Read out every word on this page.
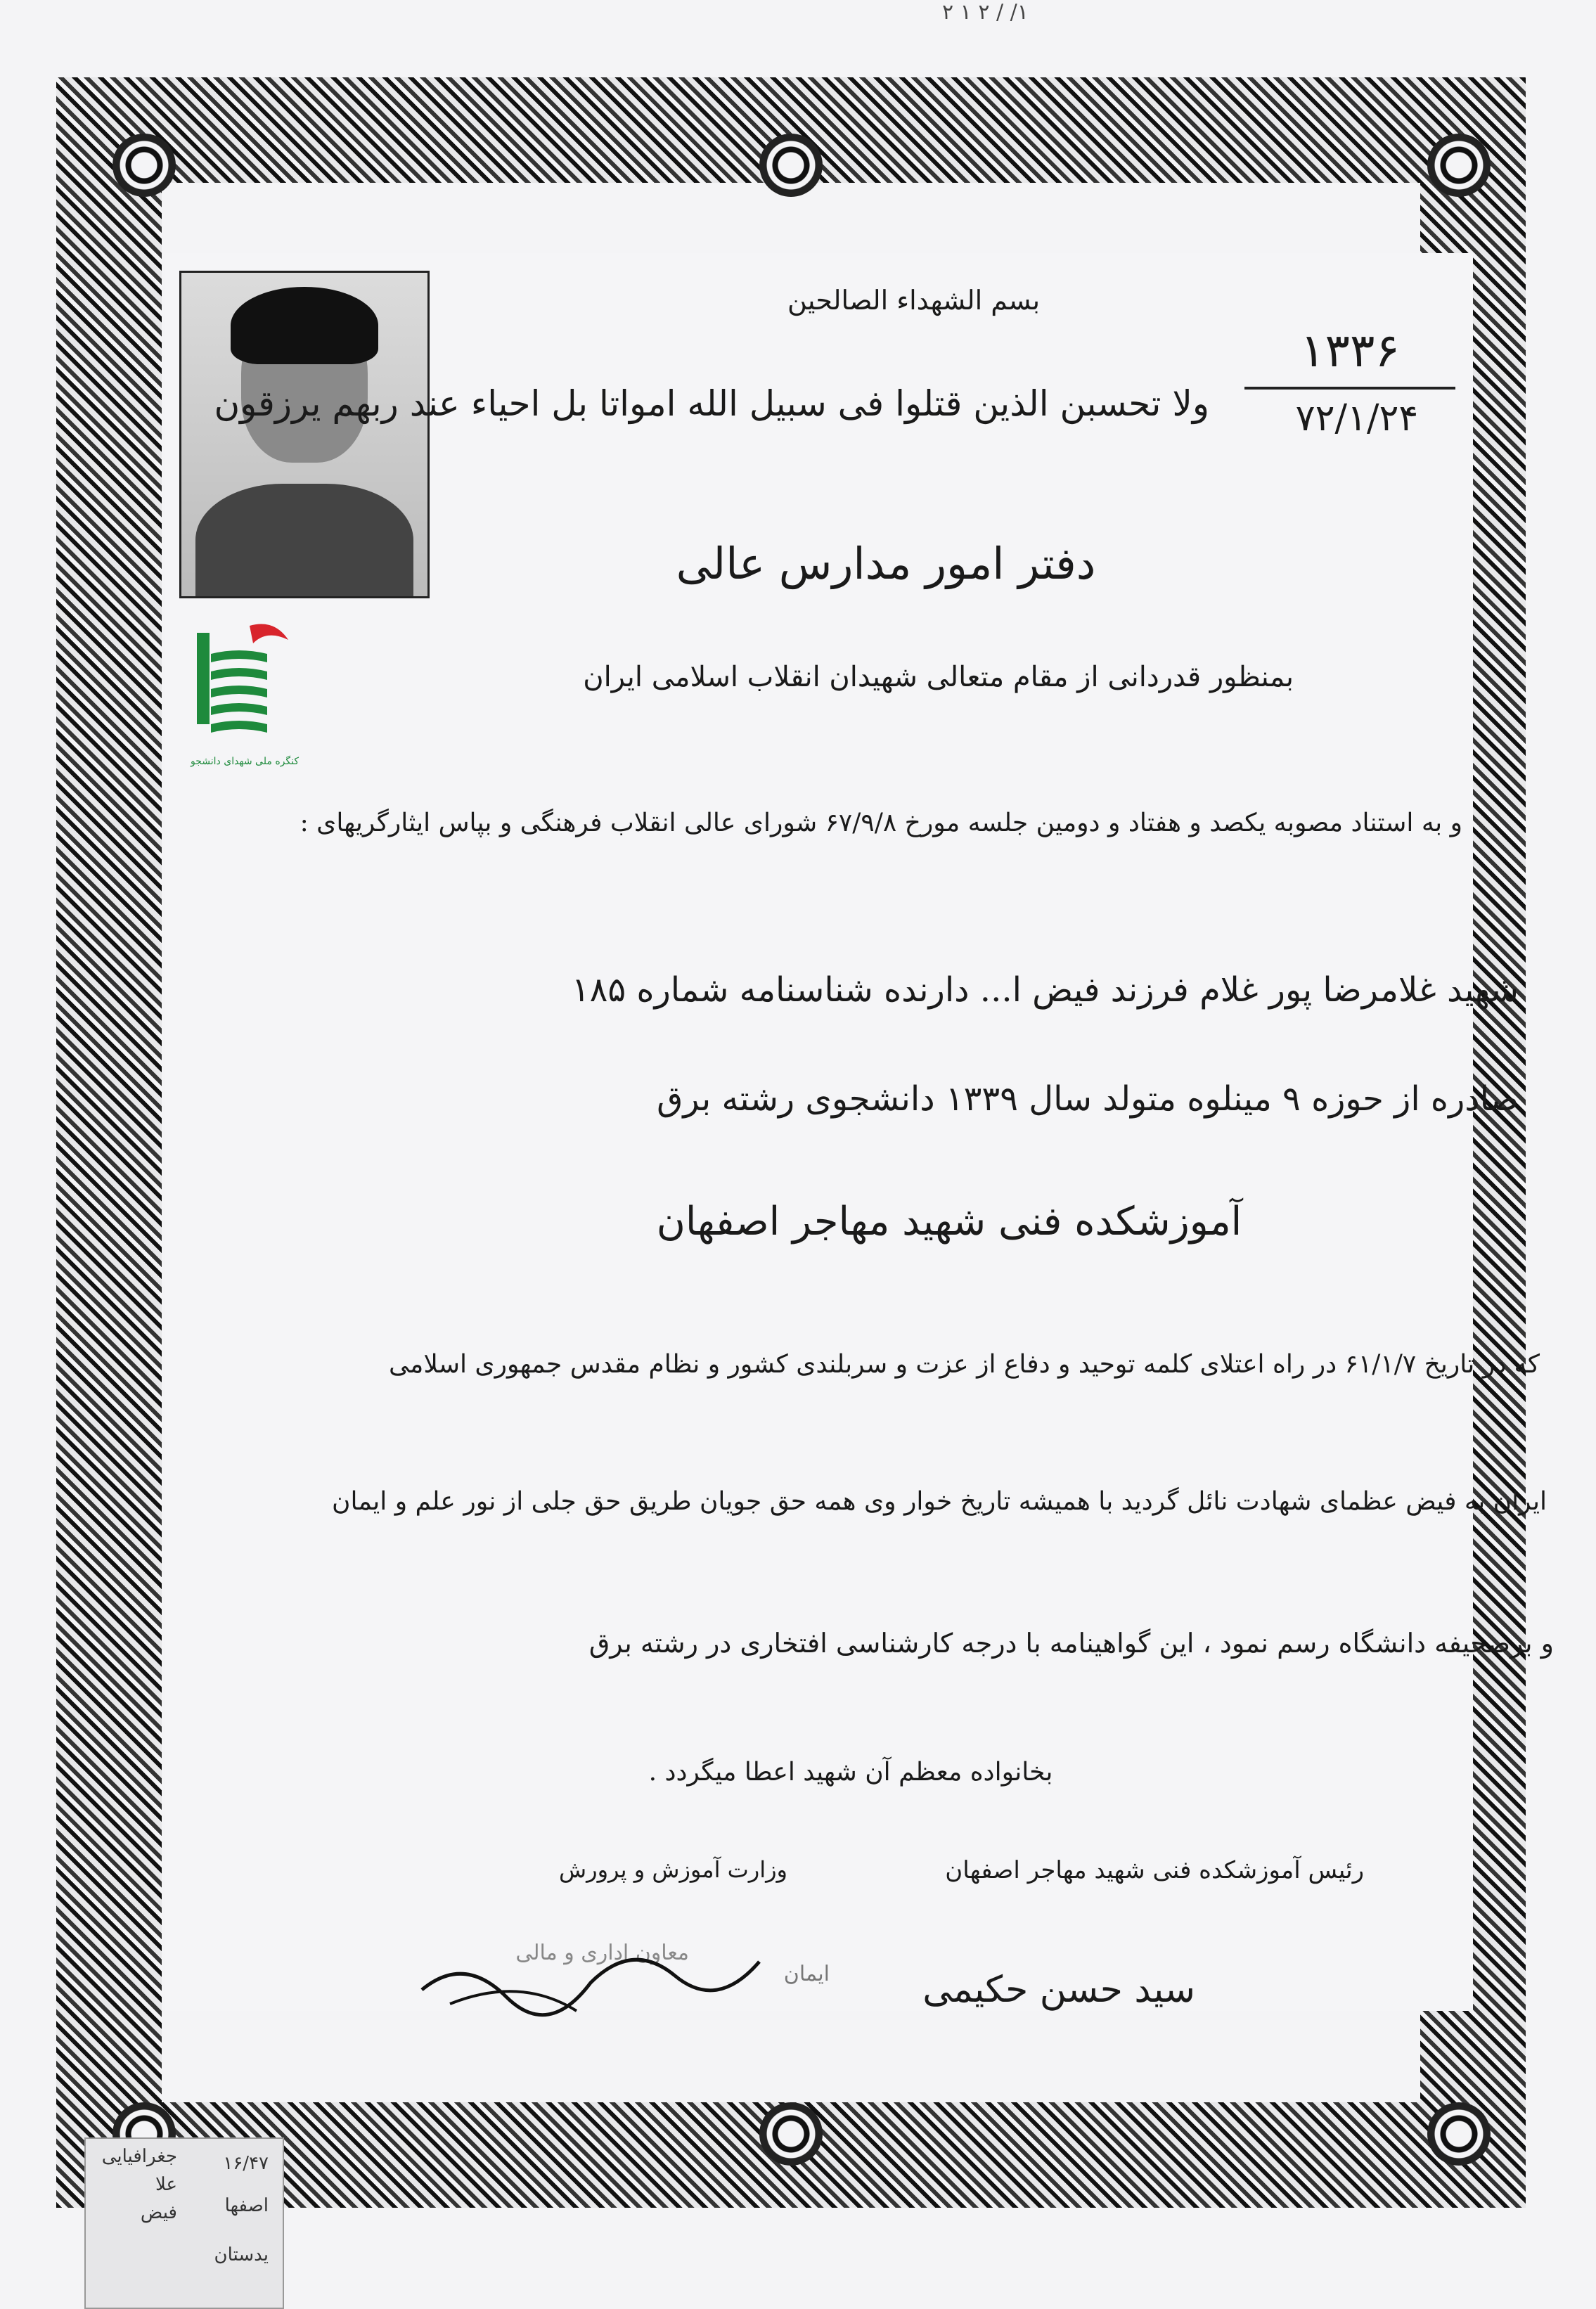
۱/ / ۲ ۱ ۲
کنگره ملی شهدای دانشجو
بسم الشهداء الصالحین
ولا تحسبن الذین قتلوا فی سبیل الله امواتا بل احیاء عند ربهم یرزقون
دفتر امور مدارس عالی
۱۳۳۶
۷۲/۱/۲۴
بمنظور قدردانی از مقام متعالی شهیدان انقلاب اسلامی ایران
و به استناد مصوبه یکصد و هفتاد و دومین جلسه مورخ ۶۷/۹/۸ شورای عالی انقلاب فرهنگی و بپاس ایثارگریهای :
شهید غلامرضا پور غلام فرزند فیض ا... دارنده شناسنامه شماره ۱۸۵
صادره از حوزه ۹ مینلوه متولد سال ۱۳۳۹ دانشجوی رشته برق
آموزشکده فنی شهید مهاجر اصفهان
که در تاریخ ۶۱/۱/۷ در راه اعتلای کلمه توحید و دفاع از عزت و سربلندی کشور و نظام مقدس جمهوری اسلامی
ایران به فیض عظمای شهادت نائل گردید با همیشه تاریخ خوار وی همه حق جویان طریق حق جلی از نور علم و ایمان
و برصحیفه دانشگاه رسم نمود ، این گواهینامه با درجه کارشناسی افتخاری در رشته برق
بخانواده معظم آن شهید اعطا میگردد .
رئیس آموزشکده فنی شهید مهاجر اصفهان
وزارت آموزش و پرورش
معاون اداری و مالی
ایمان	سید حسن حکیمی
جغرافیایی
علا
فیض
۱۶/۴۷
اصفها
یدستان
